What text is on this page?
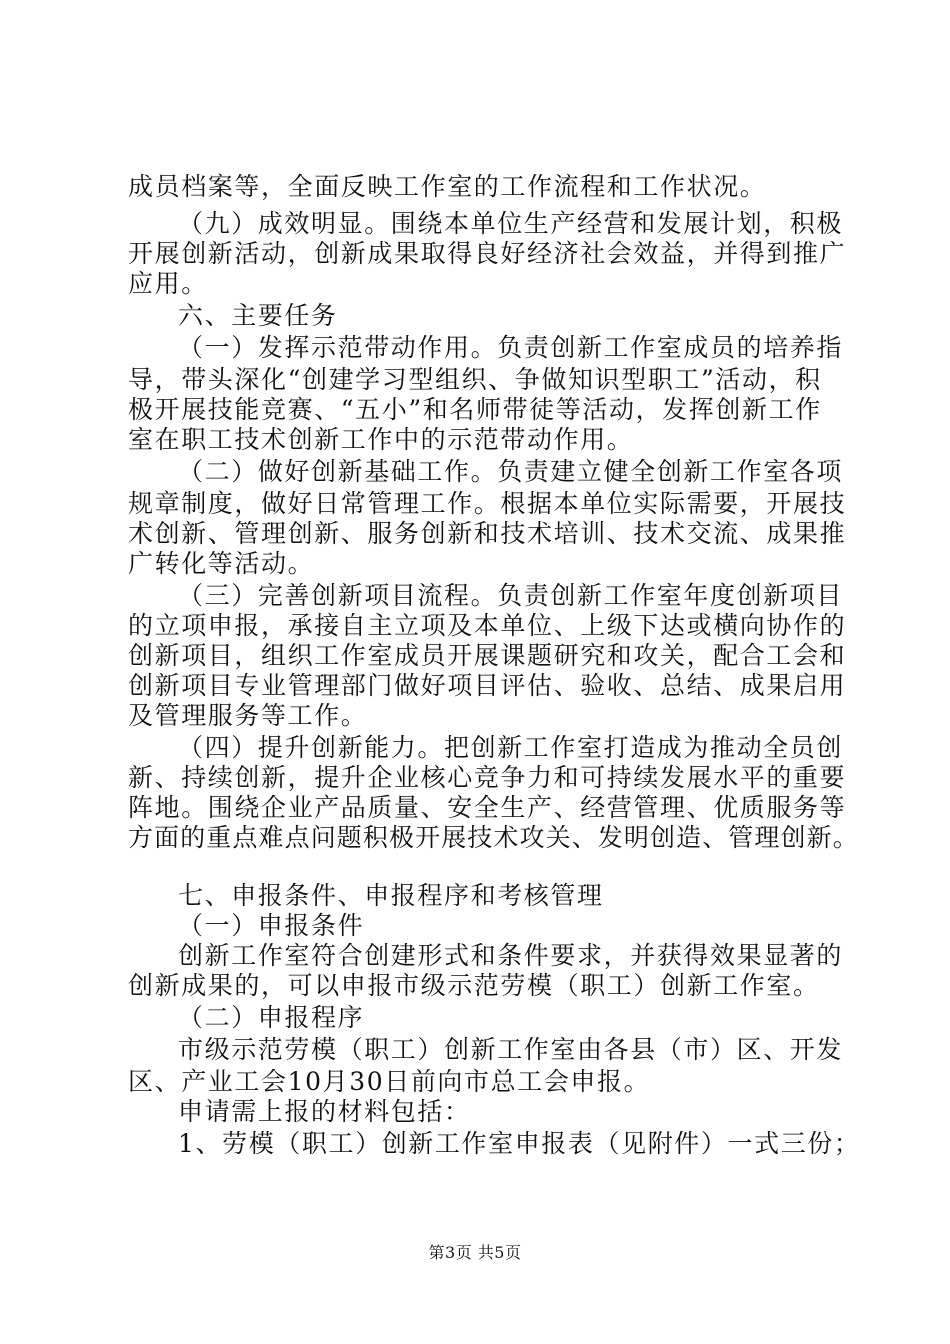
成员档案等，全面反映工作室的工作流程和工作状况。
（九）成效明显。围绕本单位生产经营和发展计划，积极
开展创新活动，创新成果取得良好经济社会效益，并得到推广
应用。
六、主要任务
（一）发挥示范带动作用。负责创新工作室成员的培养指
导，带头深化“创建学习型组织、争做知识型职工”活动，积
极开展技能竞赛、“五小”和名师带徒等活动，发挥创新工作
室在职工技术创新工作中的示范带动作用。
（二）做好创新基础工作。负责建立健全创新工作室各项
规章制度，做好日常管理工作。根据本单位实际需要，开展技
术创新、管理创新、服务创新和技术培训、技术交流、成果推
广转化等活动。
（三）完善创新项目流程。负责创新工作室年度创新项目
的立项申报，承接自主立项及本单位、上级下达或横向协作的
创新项目，组织工作室成员开展课题研究和攻关，配合工会和
创新项目专业管理部门做好项目评估、验收、总结、成果启用
及管理服务等工作。
（四）提升创新能力。把创新工作室打造成为推动全员创
新、持续创新，提升企业核心竞争力和可持续发展水平的重要
阵地。围绕企业产品质量、安全生产、经营管理、优质服务等
方面的重点难点问题积极开展技术攻关、发明创造、管理创新。
七、申报条件、申报程序和考核管理
（一）申报条件
创新工作室符合创建形式和条件要求，并获得效果显著的
创新成果的，可以申报市级示范劳模（职工）创新工作室。
（二）申报程序
市级示范劳模（职工）创新工作室由各县（市）区、开发
区、产业工会10月30日前向市总工会申报。
申请需上报的材料包括：
1、劳模（职工）创新工作室申报表（见附件）一式三份；
第3页 共5页
